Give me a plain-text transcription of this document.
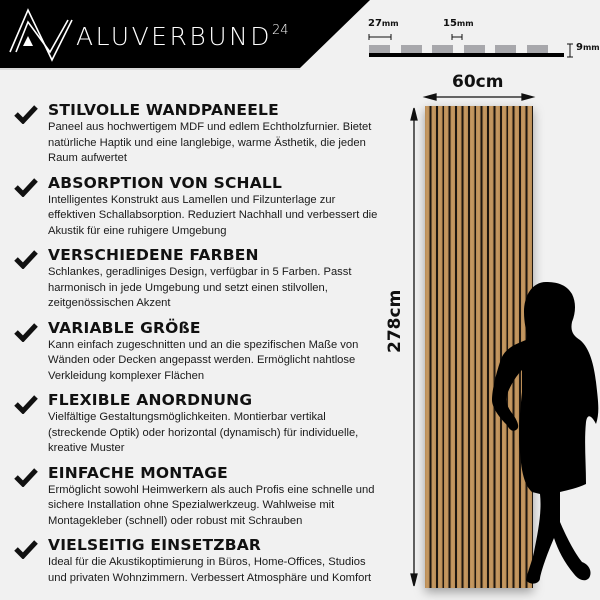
ALUVERBUND$^{24}$	27mm	15mm
9mm
STILVOLLE WANDPANEELE

Paneel aus hochwertigem MDF und edlem Echtholzfurnier. Bietet natürliche Haptik und eine langlebige, warme Ästhetik, die jeden Raum aufwertet

ABSORPTION VON SCHALL

Intelligentes Konstrukt aus Lamellen und Filzunterlage zur effektiven Schallabsorption. Reduziert Nachhall und verbessert die Akustik für eine ruhigere Umgebung

VERSCHIEDENE FARBEN

Schlankes, geradliniges Design, verfügbar in 5 Farben. Passt harmonisch in jede Umgebung und setzt einen stilvollen, zeitgenössischen Akzent

VARIABLE GRÖßE

Kann einfach zugeschnitten und an die spezifischen Maße von Wänden oder Decken angepasst werden. Ermöglicht nahtlose Verkleidung komplexer Flächen

FLEXIBLE ANORDNUNG

Vielfältige Gestaltungsmöglichkeiten. Montierbar vertikal (streckende Optik) oder horizontal (dynamisch) für individuelle, kreative Muster

EINFACHE MONTAGE

Ermöglicht sowohl Heimwerkern als auch Profis eine schnelle und sichere Installation ohne Spezialwerkzeug. Wahlweise mit Montagekleber (schnell) oder robust mit Schrauben

VIELSEITIG EINSETZBAR

Ideal für die Akustikoptimierung in Büros, Home-Offices, Studios und privaten Wohnzimmern. Verbessert Atmosphäre und Komfort

60cm
278cm
